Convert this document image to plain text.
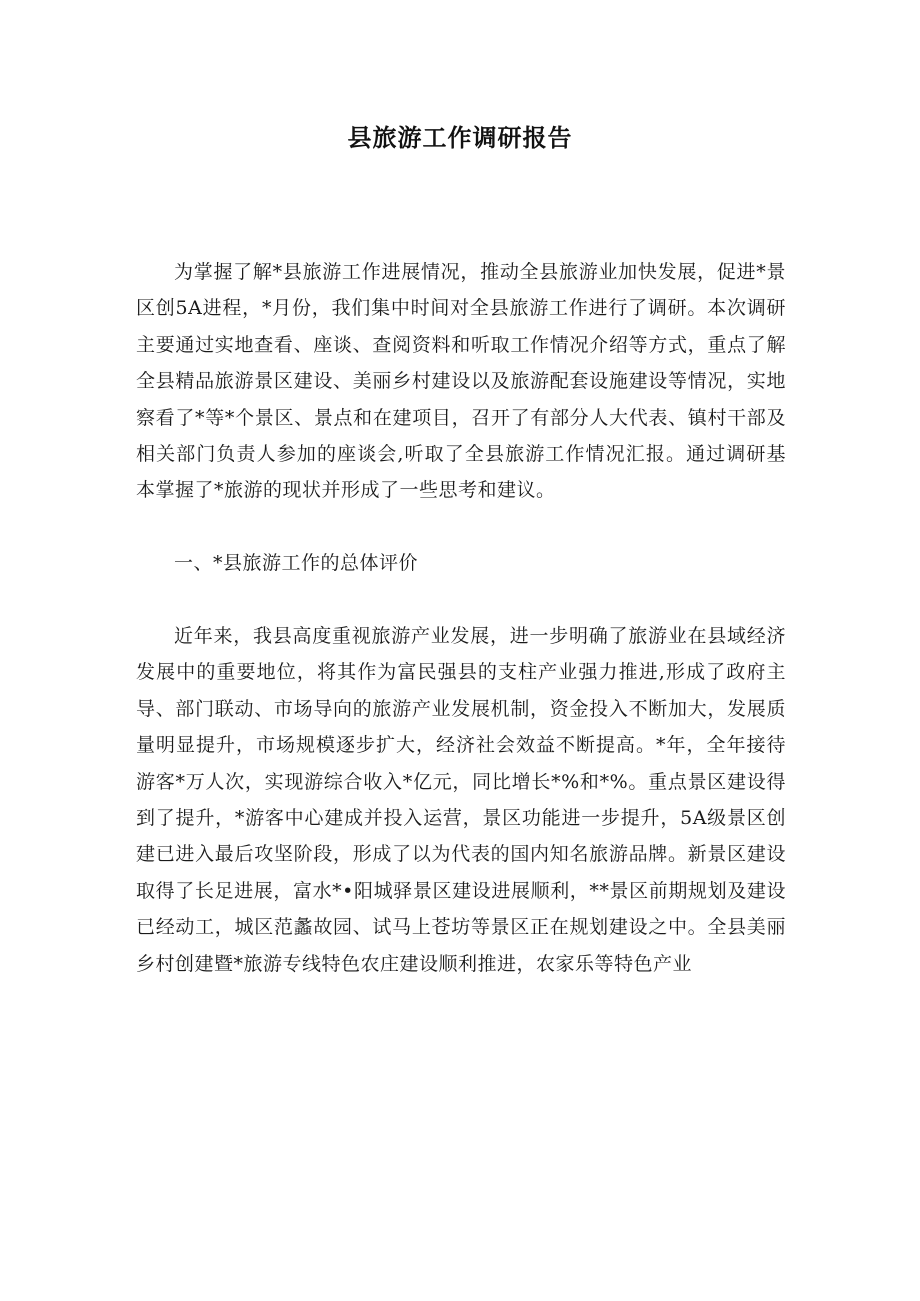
县旅游工作调研报告

为掌握了解*县旅游工作进展情况，推动全县旅游业加快发展，促进*景区创5A进程，*月份，我们集中时间对全县旅游工作进行了调研。本次调研主要通过实地查看、座谈、查阅资料和听取工作情况介绍等方式，重点了解全县精品旅游景区建设、美丽乡村建设以及旅游配套设施建设等情况，实地察看了*等*个景区、景点和在建项目，召开了有部分人大代表、镇村干部及相关部门负责人参加的座谈会,听取了全县旅游工作情况汇报。通过调研基本掌握了*旅游的现状并形成了一些思考和建议。

一、*县旅游工作的总体评价

近年来，我县高度重视旅游产业发展，进一步明确了旅游业在县域经济发展中的重要地位，将其作为富民强县的支柱产业强力推进,形成了政府主导、部门联动、市场导向的旅游产业发展机制，资金投入不断加大，发展质量明显提升，市场规模逐步扩大，经济社会效益不断提高。*年，全年接待游客*万人次，实现游综合收入*亿元，同比增长*%和*%。重点景区建设得到了提升，*游客中心建成并投入运营，景区功能进一步提升，5A级景区创建已进入最后攻坚阶段，形成了以为代表的国内知名旅游品牌。新景区建设取得了长足进展，富水*•阳城驿景区建设进展顺利，**景区前期规划及建设已经动工，城区范蠡故园、试马上苍坊等景区正在规划建设之中。全县美丽乡村创建暨*旅游专线特色农庄建设顺利推进，农家乐等特色产业
